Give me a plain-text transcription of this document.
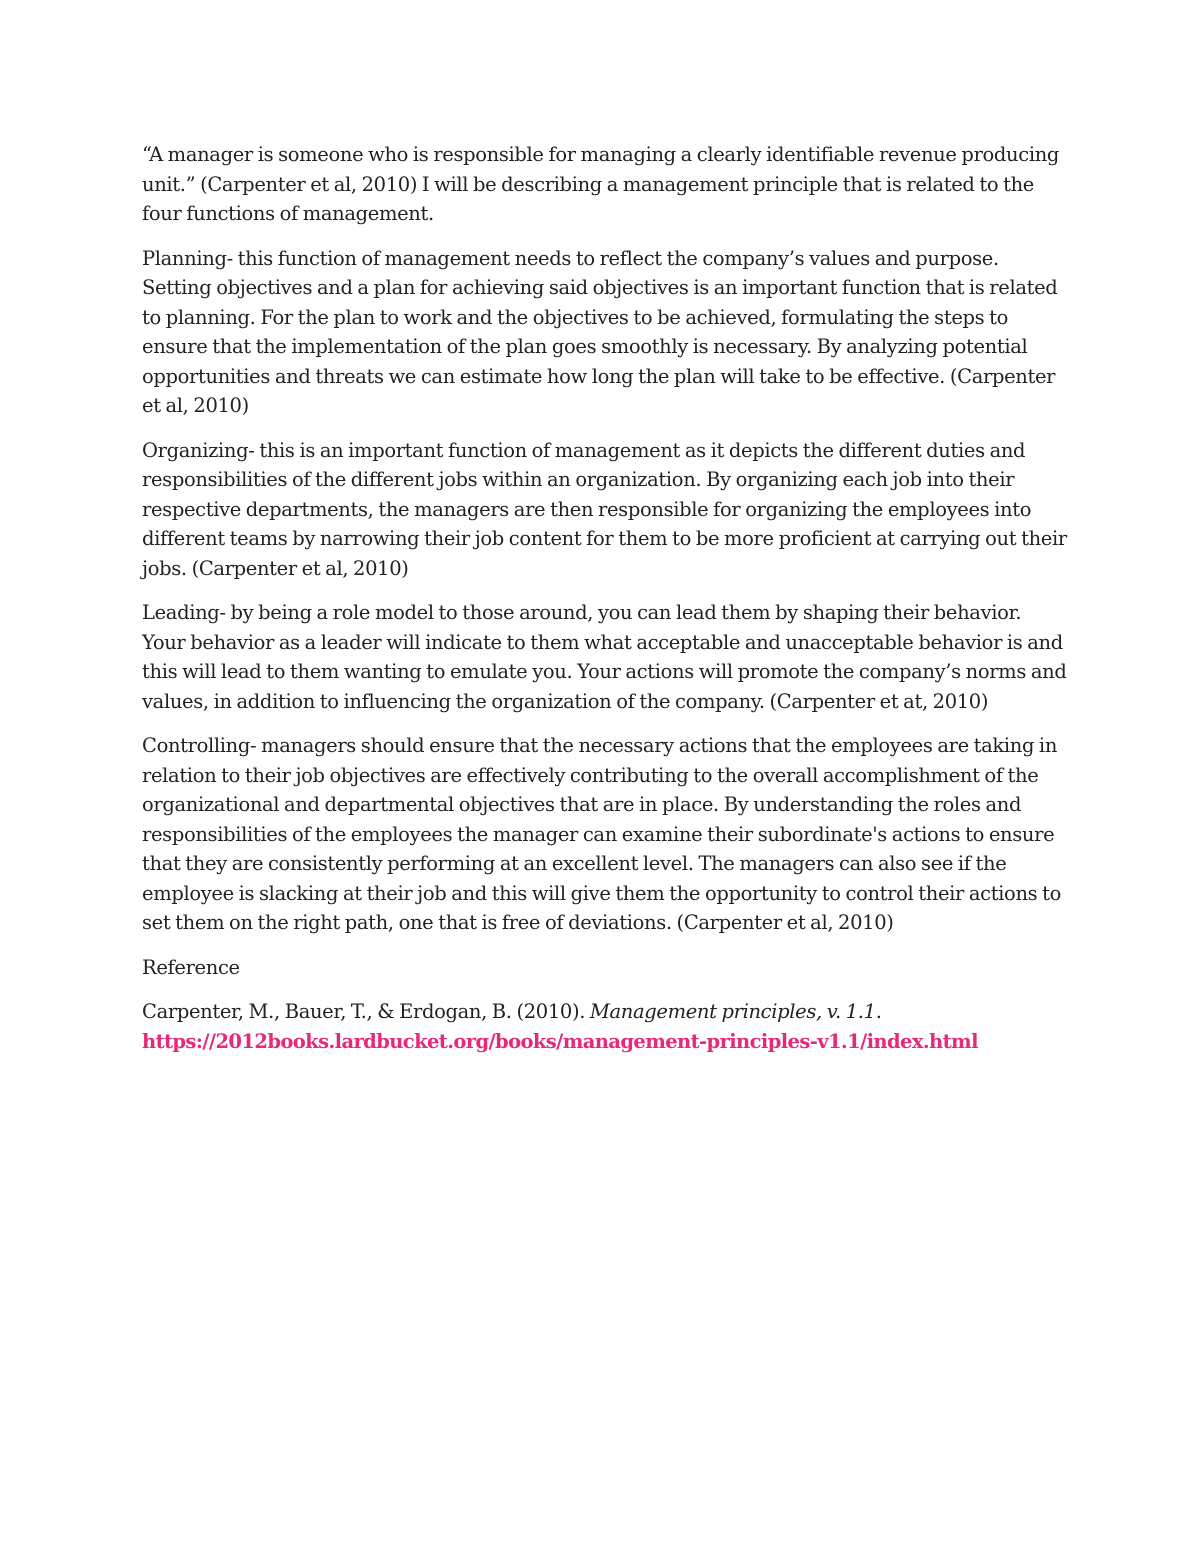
“A manager is someone who is responsible for managing a clearly identifiable revenue producing unit.” (Carpenter et al, 2010) I will be describing a management principle that is related to the four functions of management.

Planning- this function of management needs to reflect the company’s values and purpose. Setting objectives and a plan for achieving said objectives is an important function that is related to planning. For the plan to work and the objectives to be achieved, formulating the steps to ensure that the implementation of the plan goes smoothly is necessary. By analyzing potential opportunities and threats we can estimate how long the plan will take to be effective. (Carpenter et al, 2010)

Organizing- this is an important function of management as it depicts the different duties and responsibilities of the different jobs within an organization. By organizing each job into their respective departments, the managers are then responsible for organizing the employees into different teams by narrowing their job content for them to be more proficient at carrying out their jobs. (Carpenter et al, 2010)

Leading- by being a role model to those around, you can lead them by shaping their behavior. Your behavior as a leader will indicate to them what acceptable and unacceptable behavior is and this will lead to them wanting to emulate you. Your actions will promote the company’s norms and values, in addition to influencing the organization of the company. (Carpenter et at, 2010)

Controlling- managers should ensure that the necessary actions that the employees are taking in relation to their job objectives are effectively contributing to the overall accomplishment of the organizational and departmental objectives that are in place. By understanding the roles and responsibilities of the employees the manager can examine their subordinate's actions to ensure that they are consistently performing at an excellent level. The managers can also see if the employee is slacking at their job and this will give them the opportunity to control their actions to set them on the right path, one that is free of deviations. (Carpenter et al, 2010)

Reference

Carpenter, M., Bauer, T., & Erdogan, B. (2010). Management principles, v. 1.1.
https://2012books.lardbucket.org/books/management-principles-v1.1/index.html
